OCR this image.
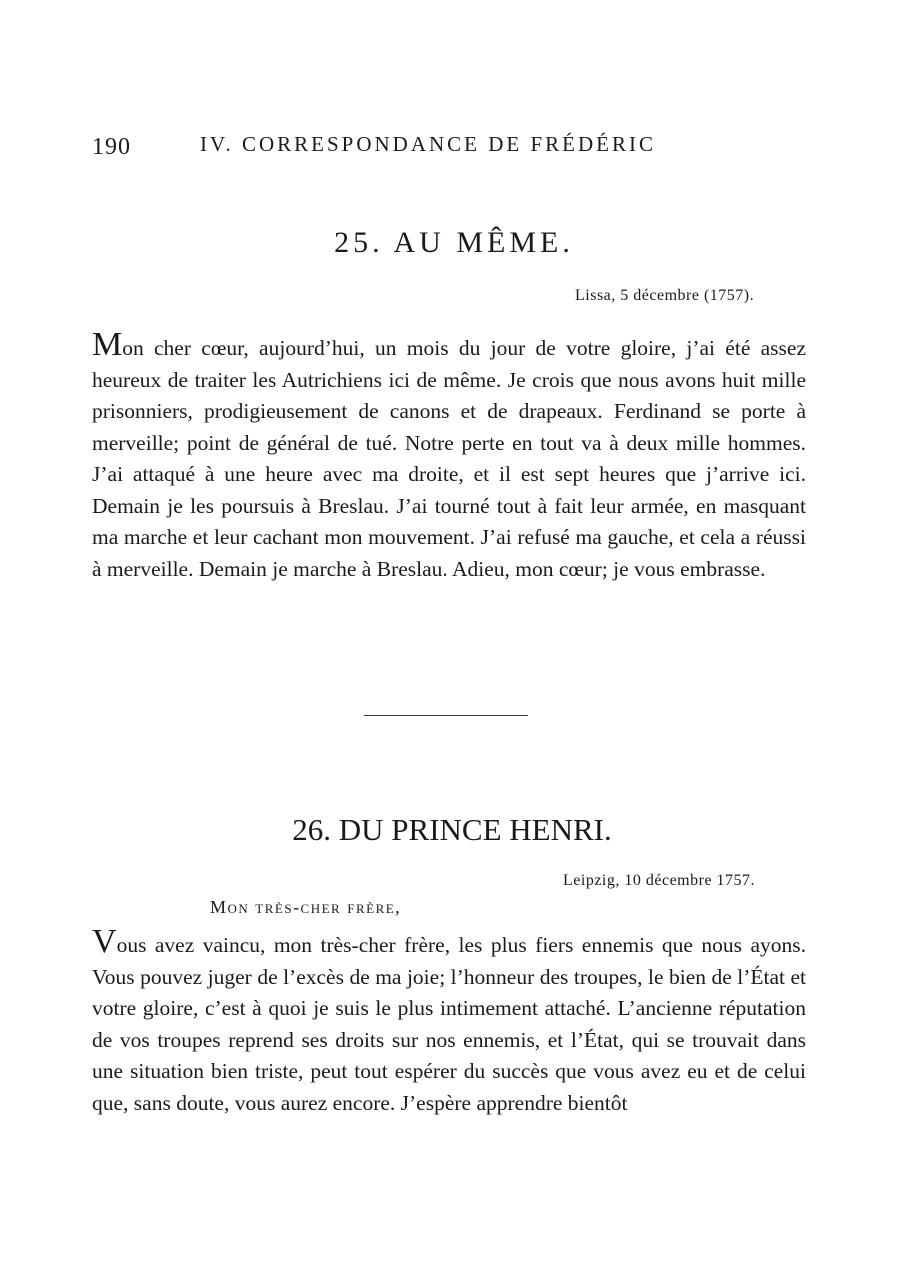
190	IV. CORRESPONDANCE DE FRÉDÉRIC
25. AU MÊME.
Lissa, 5 décembre (1757).
Mon cher cœur, aujourd’hui, un mois du jour de votre gloire, j’ai été assez heureux de traiter les Autrichiens ici de même. Je crois que nous avons huit mille prisonniers, prodigieusement de canons et de drapeaux. Ferdinand se porte à merveille; point de général de tué. Notre perte en tout va à deux mille hommes. J’ai attaqué à une heure avec ma droite, et il est sept heures que j’arrive ici. Demain je les poursuis à Breslau. J’ai tourné tout à fait leur armée, en masquant ma marche et leur cachant mon mouvement. J’ai refusé ma gauche, et cela a réussi à merveille. Demain je marche à Breslau. Adieu, mon cœur; je vous embrasse.
26. DU PRINCE HENRI.
Leipzig, 10 décembre 1757.
Mon très-cher frère,
Vous avez vaincu, mon très-cher frère, les plus fiers ennemis que nous ayons. Vous pouvez juger de l’excès de ma joie; l’honneur des troupes, le bien de l’État et votre gloire, c’est à quoi je suis le plus intimement attaché. L’ancienne réputation de vos troupes reprend ses droits sur nos ennemis, et l’État, qui se trouvait dans une situation bien triste, peut tout espérer du succès que vous avez eu et de celui que, sans doute, vous aurez encore. J’espère apprendre bientôt
